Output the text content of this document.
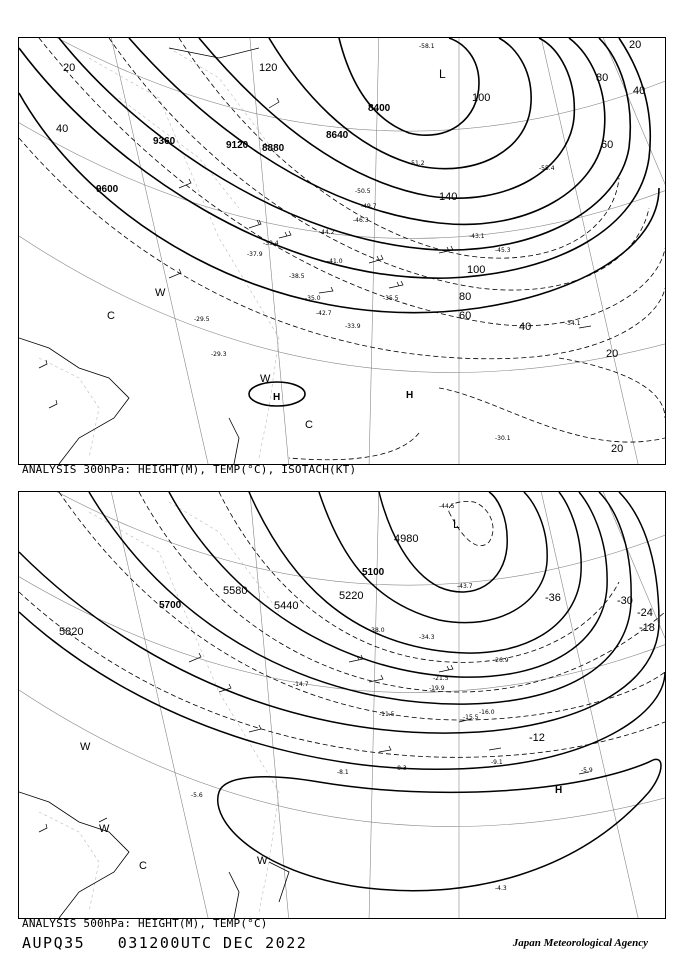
9600
9360	9120 8880
8640
8400
20
40
60
80
100
120
140
20
40
60
80
100
20
40
20
L
H	H
C
C
W
W
-34.1
-33.9
-35.5
-35.0
-30.1
-29.5
-29.3
-41.0
-42.7
-44.2
-46.3
-49.7
-50.5
-51.2
-58.1
-55.4
-38.5
-37.9
-39.4
-43.1
-45.3
ANALYSIS 300hPa: HEIGHT(M), TEMP(°C), ISOTACH(KT)
5820
5700
5580
5440
5220
5100
4980
-36	-30
-24
-18
-12
L
H
W
W
W
C
-9.1
-8.3
-8.1	-5.9
-4.3
-5.6
-14.7
-19.9
-21.5
-26.9
-34.3
-44.5
-43.7
-38.0
-16.0
-15.5
-11.5
ANALYSIS 500hPa: HEIGHT(M), TEMP(°C)
AUPQ35 031200UTC DEC 2022	Japan Meteorological Agency
